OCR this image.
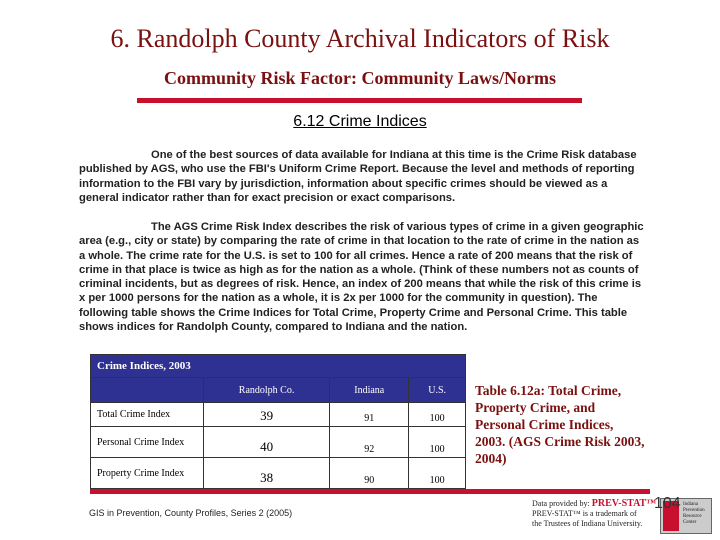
6. Randolph County Archival Indicators of Risk
Community Risk Factor: Community Laws/Norms
6.12 Crime Indices
One of the best sources of data available for Indiana at this time is the Crime Risk database published by AGS, who use the FBI's Uniform Crime Report. Because the level and methods of reporting information to the FBI vary by jurisdiction, information about specific crimes should be viewed as a general indicator rather than for exact precision or exact comparisons.
The AGS Crime Risk Index describes the risk of various types of crime in a given geographic area (e.g., city or state) by comparing the rate of crime in that location to the rate of crime in the nation as a whole. The crime rate for the U.S. is set to 100 for all crimes. Hence a rate of 200 means that the risk of crime in that place is twice as high as for the nation as a whole. (Think of these numbers not as counts of criminal incidents, but as degrees of risk. Hence, an index of 200 means that while the risk of this crime is x per 1000 persons for the nation as a whole, it is 2x per 1000 for the community in question). The following table shows the Crime Indices for Total Crime, Property Crime and Personal Crime. This table shows indices for Randolph County, compared to Indiana and the nation.
Crime Indices, 2003			
	Randolph Co.	Indiana	U.S.
Total Crime Index	39	91	100
Personal Crime Index	40	92	100
Property Crime Index	38	90	100
Table 6.12a: Total Crime, Property Crime, and Personal Crime Indices, 2003. (AGS Crime Risk 2003, 2004)
GIS in Prevention, County Profiles, Series 2 (2005)
Data provided by: PREV-STAT™
PREV-STAT™ is a trademark of the Trustees of Indiana University.
Indiana Prevention Resource Center
104
